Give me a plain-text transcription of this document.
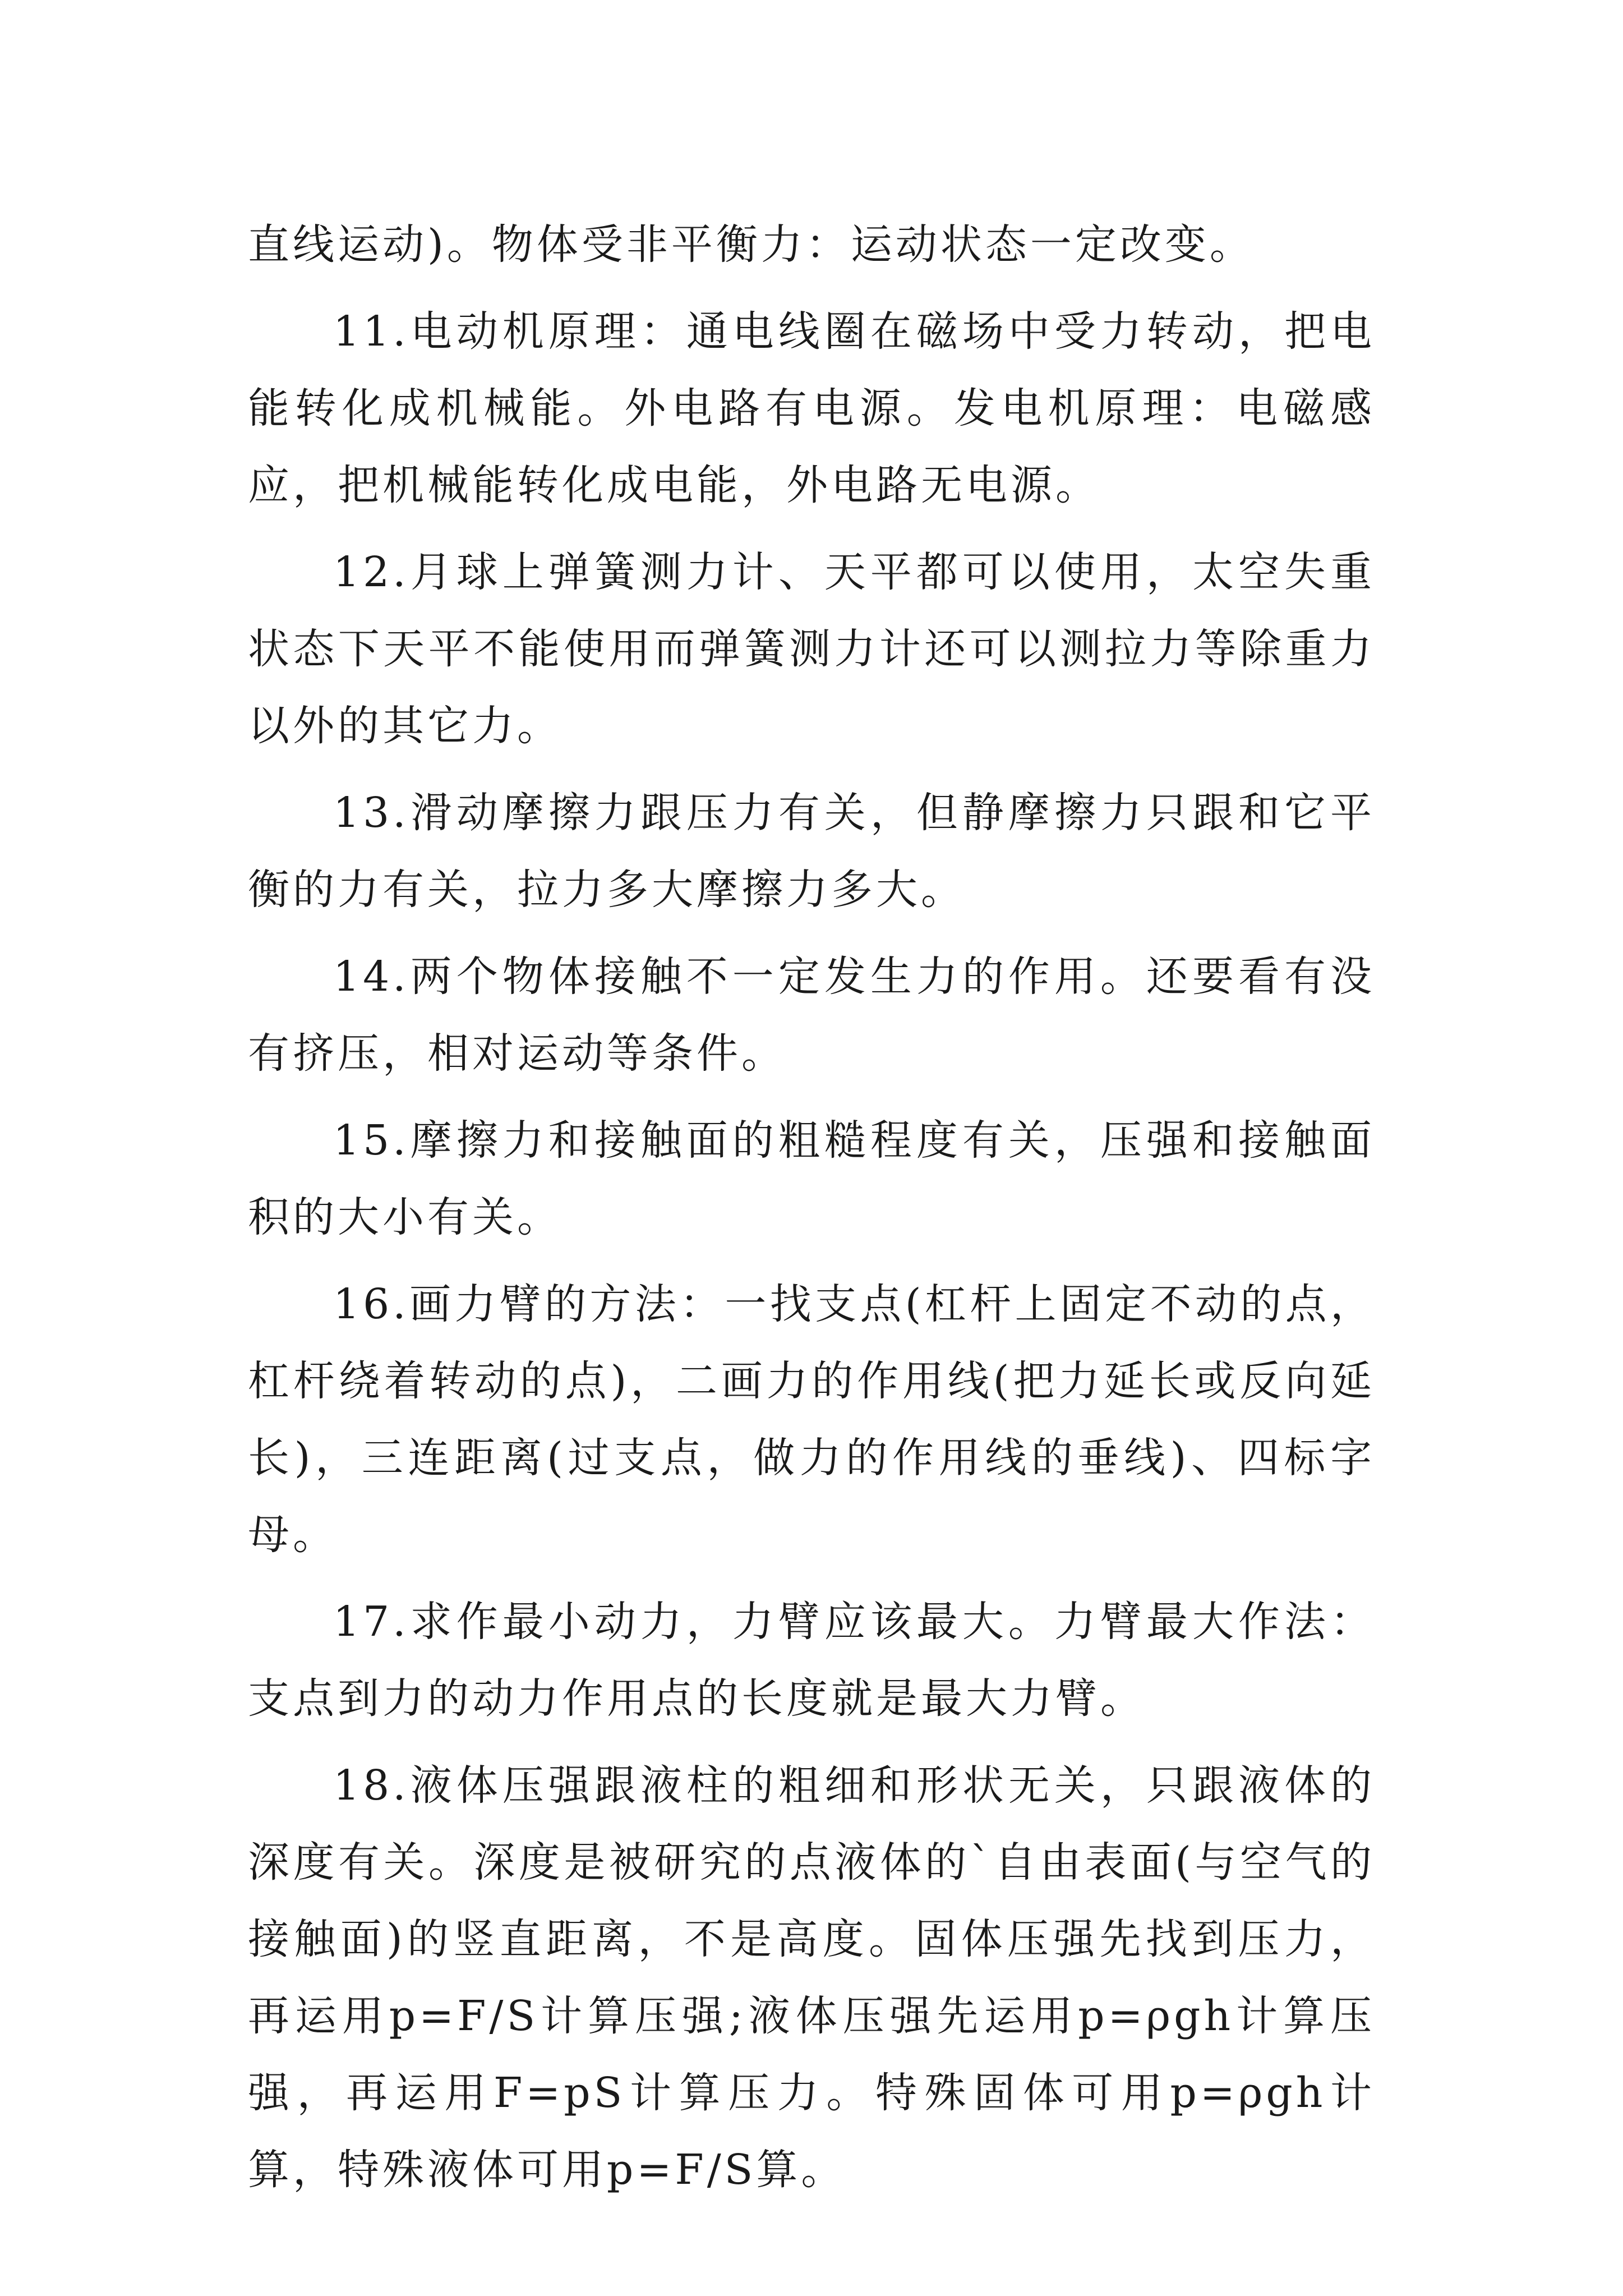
直线运动)。物体受非平衡力：运动状态一定改变。

11.电动机原理：通电线圈在磁场中受力转动，把电能转化成机械能。外电路有电源。发电机原理：电磁感应，把机械能转化成电能，外电路无电源。

12.月球上弹簧测力计、天平都可以使用，太空失重状态下天平不能使用而弹簧测力计还可以测拉力等除重力以外的其它力。

13.滑动摩擦力跟压力有关，但静摩擦力只跟和它平衡的力有关，拉力多大摩擦力多大。

14.两个物体接触不一定发生力的作用。还要看有没有挤压，相对运动等条件。

15.摩擦力和接触面的粗糙程度有关，压强和接触面积的大小有关。

16.画力臂的方法：一找支点(杠杆上固定不动的点，杠杆绕着转动的点)，二画力的作用线(把力延长或反向延长)，三连距离(过支点，做力的作用线的垂线)、四标字母。

17.求作最小动力，力臂应该最大。力臂最大作法：支点到力的动力作用点的长度就是最大力臂。

18.液体压强跟液柱的粗细和形状无关，只跟液体的深度有关。深度是被研究的点液体的`自由表面(与空气的接触面)的竖直距离，不是高度。固体压强先找到压力，再运用p=F/S计算压强;液体压强先运用p=ρgh计算压强，再运用F=pS计算压力。特殊固体可用p=ρgh计算，特殊液体可用p=F/S算。
